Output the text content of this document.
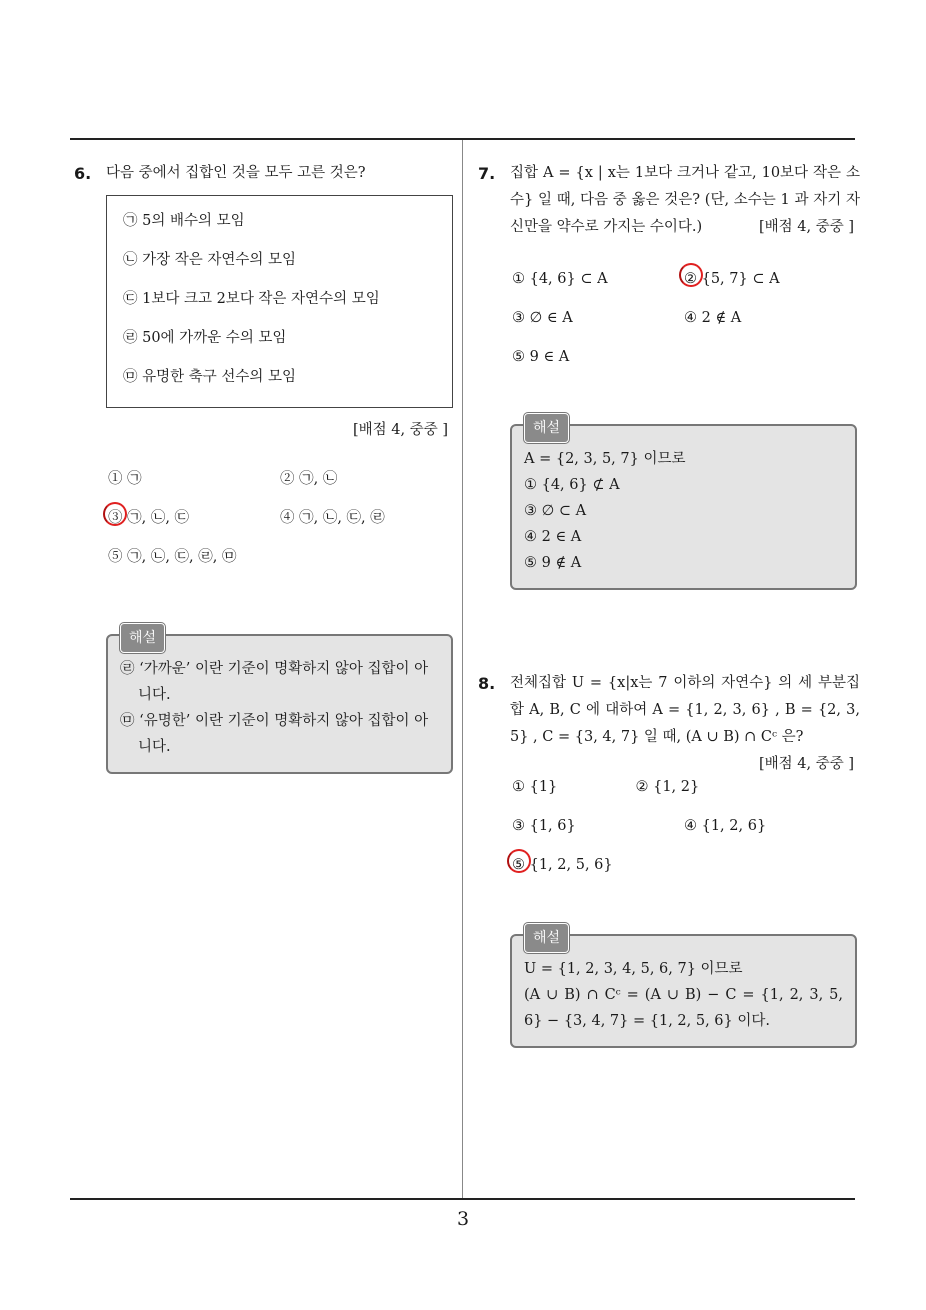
6. 다음 중에서 집합인 것을 모두 고른 것은?
㉠ 5의 배수의 모임
㉡ 가장 작은 자연수의 모임
㉢ 1보다 크고 2보다 작은 자연수의 모임
㉣ 50에 가까운 수의 모임
㉤ 유명한 축구 선수의 모임
[배점 4, 중중 ]
① ㉠	② ㉠, ㉡
③ ㉠, ㉡, ㉢	④ ㉠, ㉡, ㉢, ㉣
⑤ ㉠, ㉡, ㉢, ㉣, ㉤
해설
㉣ ‘가까운’ 이란 기준이 명확하지 않아 집합이 아니다.
㉤ ‘유명한’ 이란 기준이 명확하지 않아 집합이 아니다.
7. 집합 A = {x | x는 1보다 크거나 같고, 10보다 작은 소수} 일 때, 다음 중 옳은 것은? (단, 소수는 1 과 자기 자신만을 약수로 가지는 수이다.)	[배점 4, 중중 ]
① {4, 6} ⊂ A	② {5, 7} ⊂ A
③ ∅ ∈ A	④ 2 ∉ A
⑤ 9 ∈ A
해설
A = {2, 3, 5, 7} 이므로
① {4, 6} ⊄ A
③ ∅ ⊂ A
④ 2 ∈ A
⑤ 9 ∉ A
8. 전체집합 U = {x|x는 7 이하의 자연수} 의 세 부분집합 A, B, C 에 대하여 A = {1, 2, 3, 6} , B = {2, 3, 5} , C = {3, 4, 7} 일 때, (A ∪ B) ∩ Cᶜ 은?
[배점 4, 중중 ]
① {1}	② {1, 2}
③ {1, 6}	④ {1, 2, 6}
⑤ {1, 2, 5, 6}
해설
U = {1, 2, 3, 4, 5, 6, 7} 이므로
(A ∪ B) ∩ Cᶜ = (A ∪ B) − C = {1, 2, 3, 5, 6} − {3, 4, 7} = {1, 2, 5, 6} 이다.
3
